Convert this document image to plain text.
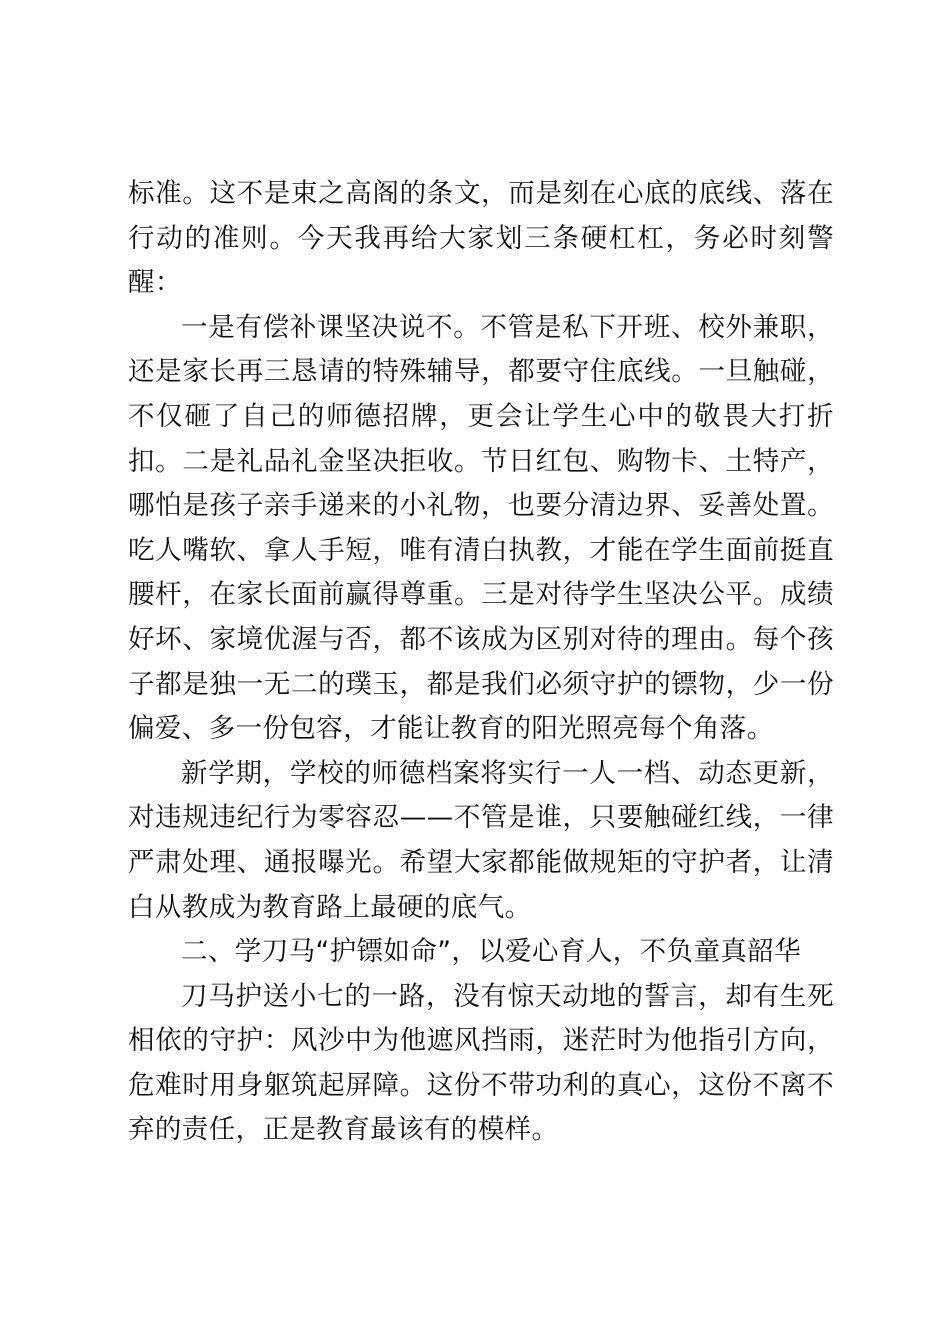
标准。这不是束之高阁的条文，而是刻在心底的底线、落在行动的准则。今天我再给大家划三条硬杠杠，务必时刻警醒：

一是有偿补课坚决说不。不管是私下开班、校外兼职，还是家长再三恳请的特殊辅导，都要守住底线。一旦触碰，不仅砸了自己的师德招牌，更会让学生心中的敬畏大打折扣。二是礼品礼金坚决拒收。节日红包、购物卡、土特产，哪怕是孩子亲手递来的小礼物，也要分清边界、妥善处置。吃人嘴软、拿人手短，唯有清白执教，才能在学生面前挺直腰杆，在家长面前赢得尊重。三是对待学生坚决公平。成绩好坏、家境优渥与否，都不该成为区别对待的理由。每个孩子都是独一无二的璞玉，都是我们必须守护的镖物，少一份偏爱、多一份包容，才能让教育的阳光照亮每个角落。

新学期，学校的师德档案将实行一人一档、动态更新，对违规违纪行为零容忍——不管是谁，只要触碰红线，一律严肃处理、通报曝光。希望大家都能做规矩的守护者，让清白从教成为教育路上最硬的底气。

二、学刀马“护镖如命”，以爱心育人，不负童真韶华

刀马护送小七的一路，没有惊天动地的誓言，却有生死相依的守护：风沙中为他遮风挡雨，迷茫时为他指引方向，危难时用身躯筑起屏障。这份不带功利的真心，这份不离不弃的责任，正是教育最该有的模样。
